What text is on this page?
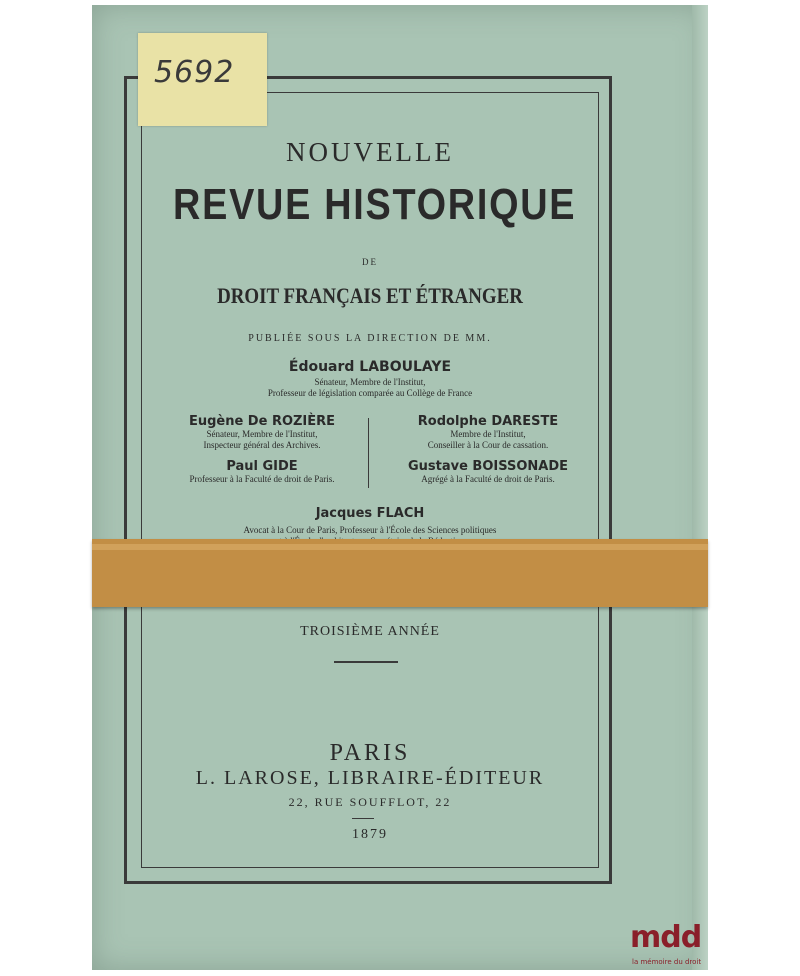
5692
NOUVELLE
REVUE HISTORIQUE
DE
DROIT FRANÇAIS ET ÉTRANGER
PUBLIÉE SOUS LA DIRECTION DE MM.
Édouard LABOULAYE
Sénateur, Membre de l'Institut,
Professeur de législation comparée au Collège de France
Eugène De ROZIÈRE
Sénateur, Membre de l'Institut,
Inspecteur général des Archives.
Rodolphe DARESTE
Membre de l'Institut,
Conseiller à la Cour de cassation.
Paul GIDE
Professeur à la Faculté de droit de Paris.
Gustave BOISSONADE
Agrégé à la Faculté de droit de Paris.
Jacques FLACH
Avocat à la Cour de Paris, Professeur à l'École des Sciences politiques
TROISIÈME ANNÉE
PARIS
L. LAROSE, LIBRAIRE-ÉDITEUR
22, RUE SOUFFLOT, 22
1879
mdd
la mémoire du droit
